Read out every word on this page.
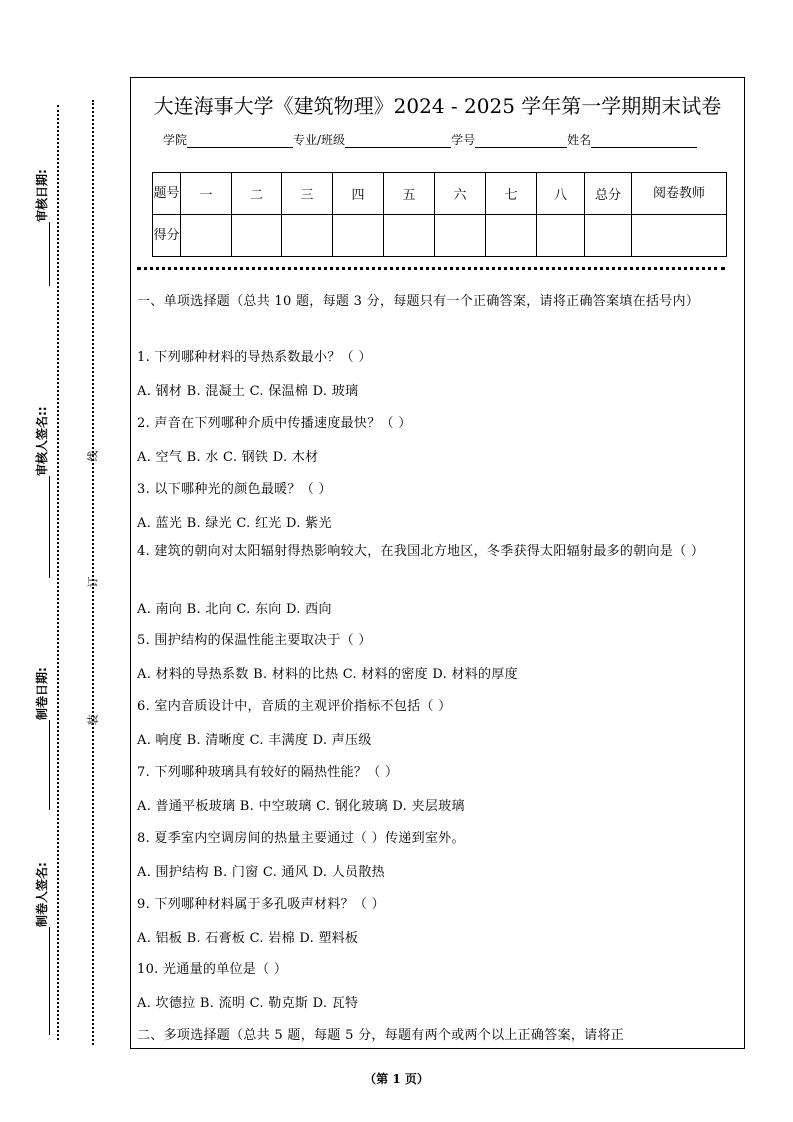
线
订
装
审核日期:
审核人签名::
制卷日期:
制卷人签名:
大连海事大学《建筑物理》2024 - 2025 学年第一学期期末试卷
学院	专业/班级	学号	姓名
题号	一	二	三	四	五	六	七	八	总分	阅卷教师
得分										
一、单项选择题（总共 10 题，每题 3 分，每题只有一个正确答案，请将正确答案填在括号内）
1. 下列哪种材料的导热系数最小？（ ）
A. 钢材 B. 混凝土 C. 保温棉 D. 玻璃
2. 声音在下列哪种介质中传播速度最快？（ ）
A. 空气 B. 水 C. 钢铁 D. 木材
3. 以下哪种光的颜色最暖？（ ）
A. 蓝光 B. 绿光 C. 红光 D. 紫光
4. 建筑的朝向对太阳辐射得热影响较大，在我国北方地区，冬季获得太阳辐射最多的朝向是（ ）
A. 南向 B. 北向 C. 东向 D. 西向
5. 围护结构的保温性能主要取决于（ ）
A. 材料的导热系数 B. 材料的比热 C. 材料的密度 D. 材料的厚度
6. 室内音质设计中，音质的主观评价指标不包括（ ）
A. 响度 B. 清晰度 C. 丰满度 D. 声压级
7. 下列哪种玻璃具有较好的隔热性能？（ ）
A. 普通平板玻璃 B. 中空玻璃 C. 钢化玻璃 D. 夹层玻璃
8. 夏季室内空调房间的热量主要通过（ ）传递到室外。
A. 围护结构 B. 门窗 C. 通风 D. 人员散热
9. 下列哪种材料属于多孔吸声材料？（ ）
A. 铝板 B. 石膏板 C. 岩棉 D. 塑料板
10. 光通量的单位是（ ）
A. 坎德拉 B. 流明 C. 勒克斯 D. 瓦特
二、多项选择题（总共 5 题，每题 5 分，每题有两个或两个以上正确答案，请将正
（第 1 页）
